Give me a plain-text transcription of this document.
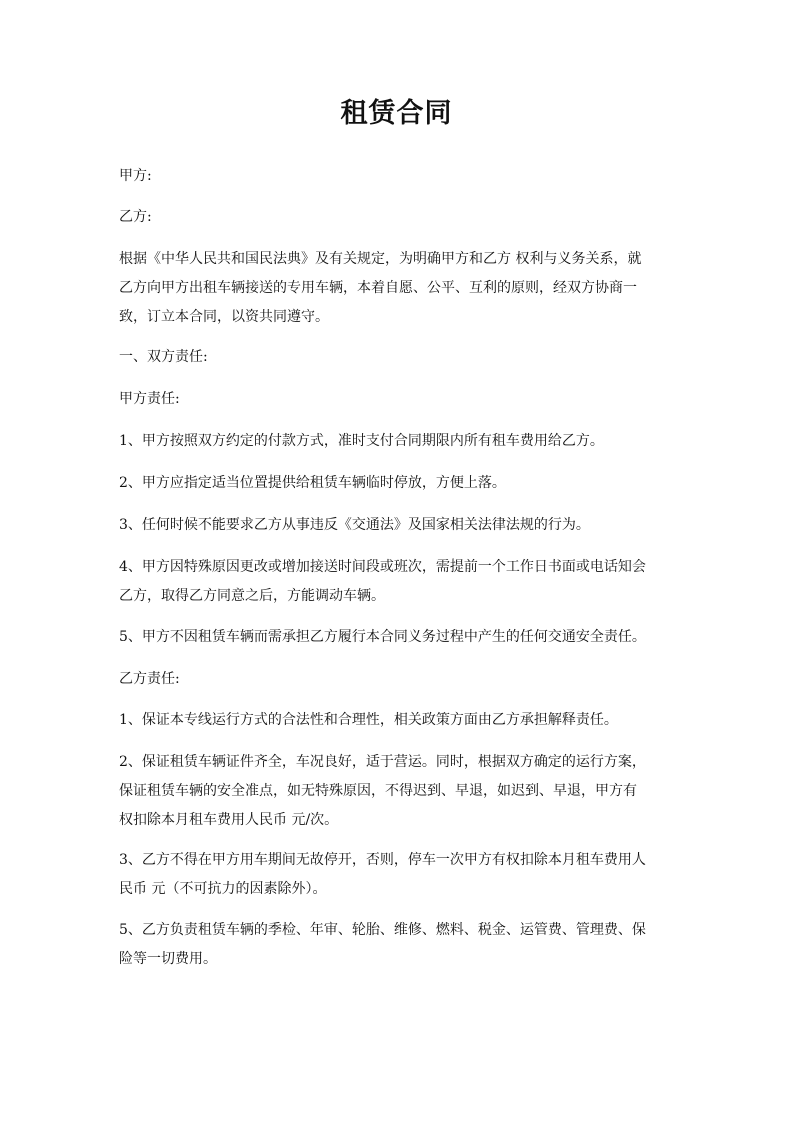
租赁合同

甲方:

乙方:

根据《中华人民共和国民法典》及有关规定，为明确甲方和乙方 权利与义务关系，就

乙方向甲方出租车辆接送的专用车辆，本着自愿、公平、互利的原则，经双方协商一

致，订立本合同，以资共同遵守。

一、双方责任:

甲方责任:

1、甲方按照双方约定的付款方式，准时支付合同期限内所有租车费用给乙方。

2、甲方应指定适当位置提供给租赁车辆临时停放，方便上落。

3、任何时候不能要求乙方从事违反《交通法》及国家相关法律法规的行为。

4、甲方因特殊原因更改或增加接送时间段或班次，需提前一个工作日书面或电话知会

乙方，取得乙方同意之后，方能调动车辆。

5、甲方不因租赁车辆而需承担乙方履行本合同义务过程中产生的任何交通安全责任。

乙方责任:

1、保证本专线运行方式的合法性和合理性，相关政策方面由乙方承担解释责任。

2、保证租赁车辆证件齐全，车况良好，适于营运。同时，根据双方确定的运行方案，

保证租赁车辆的安全准点，如无特殊原因，不得迟到、早退，如迟到、早退，甲方有

权扣除本月租车费用人民币 元/次。

3、乙方不得在甲方用车期间无故停开，否则，停车一次甲方有权扣除本月租车费用人

民币 元（不可抗力的因素除外）。

5、乙方负责租赁车辆的季检、年审、轮胎、维修、燃料、税金、运管费、管理费、保

险等一切费用。
